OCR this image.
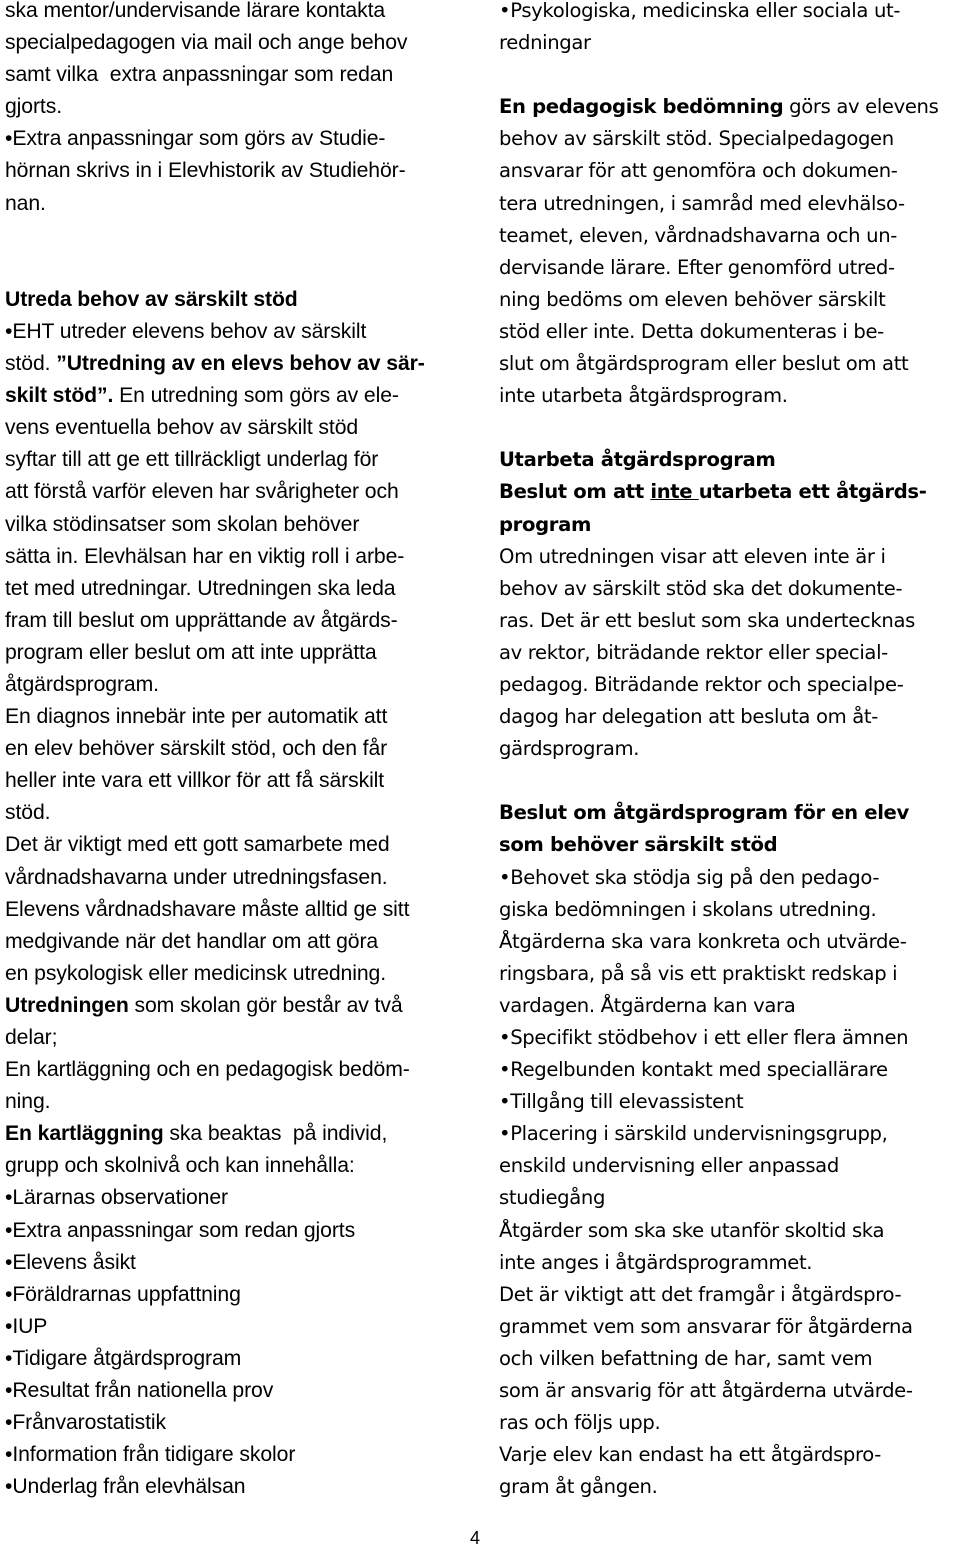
ska mentor/undervisande lärare kontakta
specialpedagogen via mail och ange behov
samt vilka  extra anpassningar som redan
gjorts.
•Extra anpassningar som görs av Studie-
hörnan skrivs in i Elevhistorik av Studiehör-
nan.
Utreda behov av särskilt stöd
•EHT utreder elevens behov av särskilt
stöd. ”Utredning av en elevs behov av sär-
skilt stöd”. En utredning som görs av ele-
vens eventuella behov av särskilt stöd
syftar till att ge ett tillräckligt underlag för
att förstå varför eleven har svårigheter och
vilka stödinsatser som skolan behöver
sätta in. Elevhälsan har en viktig roll i arbe-
tet med utredningar. Utredningen ska leda
fram till beslut om upprättande av åtgärds-
program eller beslut om att inte upprätta
åtgärdsprogram.
En diagnos innebär inte per automatik att
en elev behöver särskilt stöd, och den får
heller inte vara ett villkor för att få särskilt
stöd.
Det är viktigt med ett gott samarbete med
vårdnadshavarna under utredningsfasen.
Elevens vårdnadshavare måste alltid ge sitt
medgivande när det handlar om att göra
en psykologisk eller medicinsk utredning.
Utredningen som skolan gör består av två
delar;
En kartläggning och en pedagogisk bedöm-
ning.
En kartläggning ska beaktas  på individ,
grupp och skolnivå och kan innehålla:
•Lärarnas observationer
•Extra anpassningar som redan gjorts
•Elevens åsikt
•Föräldrarnas uppfattning
•IUP
•Tidigare åtgärdsprogram
•Resultat från nationella prov
•Frånvarostatistik
•Information från tidigare skolor
•Underlag från elevhälsan
•Psykologiska, medicinska eller sociala ut-
redningar
En pedagogisk bedömning görs av elevens
behov av särskilt stöd. Specialpedagogen
ansvarar för att genomföra och dokumen-
tera utredningen, i samråd med elevhälso-
teamet, eleven, vårdnadshavarna och un-
dervisande lärare. Efter genomförd utred-
ning bedöms om eleven behöver särskilt
stöd eller inte. Detta dokumenteras i be-
slut om åtgärdsprogram eller beslut om att
inte utarbeta åtgärdsprogram.
Utarbeta åtgärdsprogram
Beslut om att inte utarbeta ett åtgärds-
program
Om utredningen visar att eleven inte är i
behov av särskilt stöd ska det dokumente-
ras. Det är ett beslut som ska undertecknas
av rektor, biträdande rektor eller special-
pedagog. Biträdande rektor och specialpe-
dagog har delegation att besluta om åt-
gärdsprogram.
Beslut om åtgärdsprogram för en elev
som behöver särskilt stöd
•Behovet ska stödja sig på den pedago-
giska bedömningen i skolans utredning.
Åtgärderna ska vara konkreta och utvärde-
ringsbara, på så vis ett praktiskt redskap i
vardagen. Åtgärderna kan vara
•Specifikt stödbehov i ett eller flera ämnen
•Regelbunden kontakt med speciallärare
•Tillgång till elevassistent
•Placering i särskild undervisningsgrupp,
enskild undervisning eller anpassad
studiegång
Åtgärder som ska ske utanför skoltid ska
inte anges i åtgärdsprogrammet.
Det är viktigt att det framgår i åtgärdspro-
grammet vem som ansvarar för åtgärderna
och vilken befattning de har, samt vem
som är ansvarig för att åtgärderna utvärde-
ras och följs upp.
Varje elev kan endast ha ett åtgärdspro-
gram åt gången.
4
